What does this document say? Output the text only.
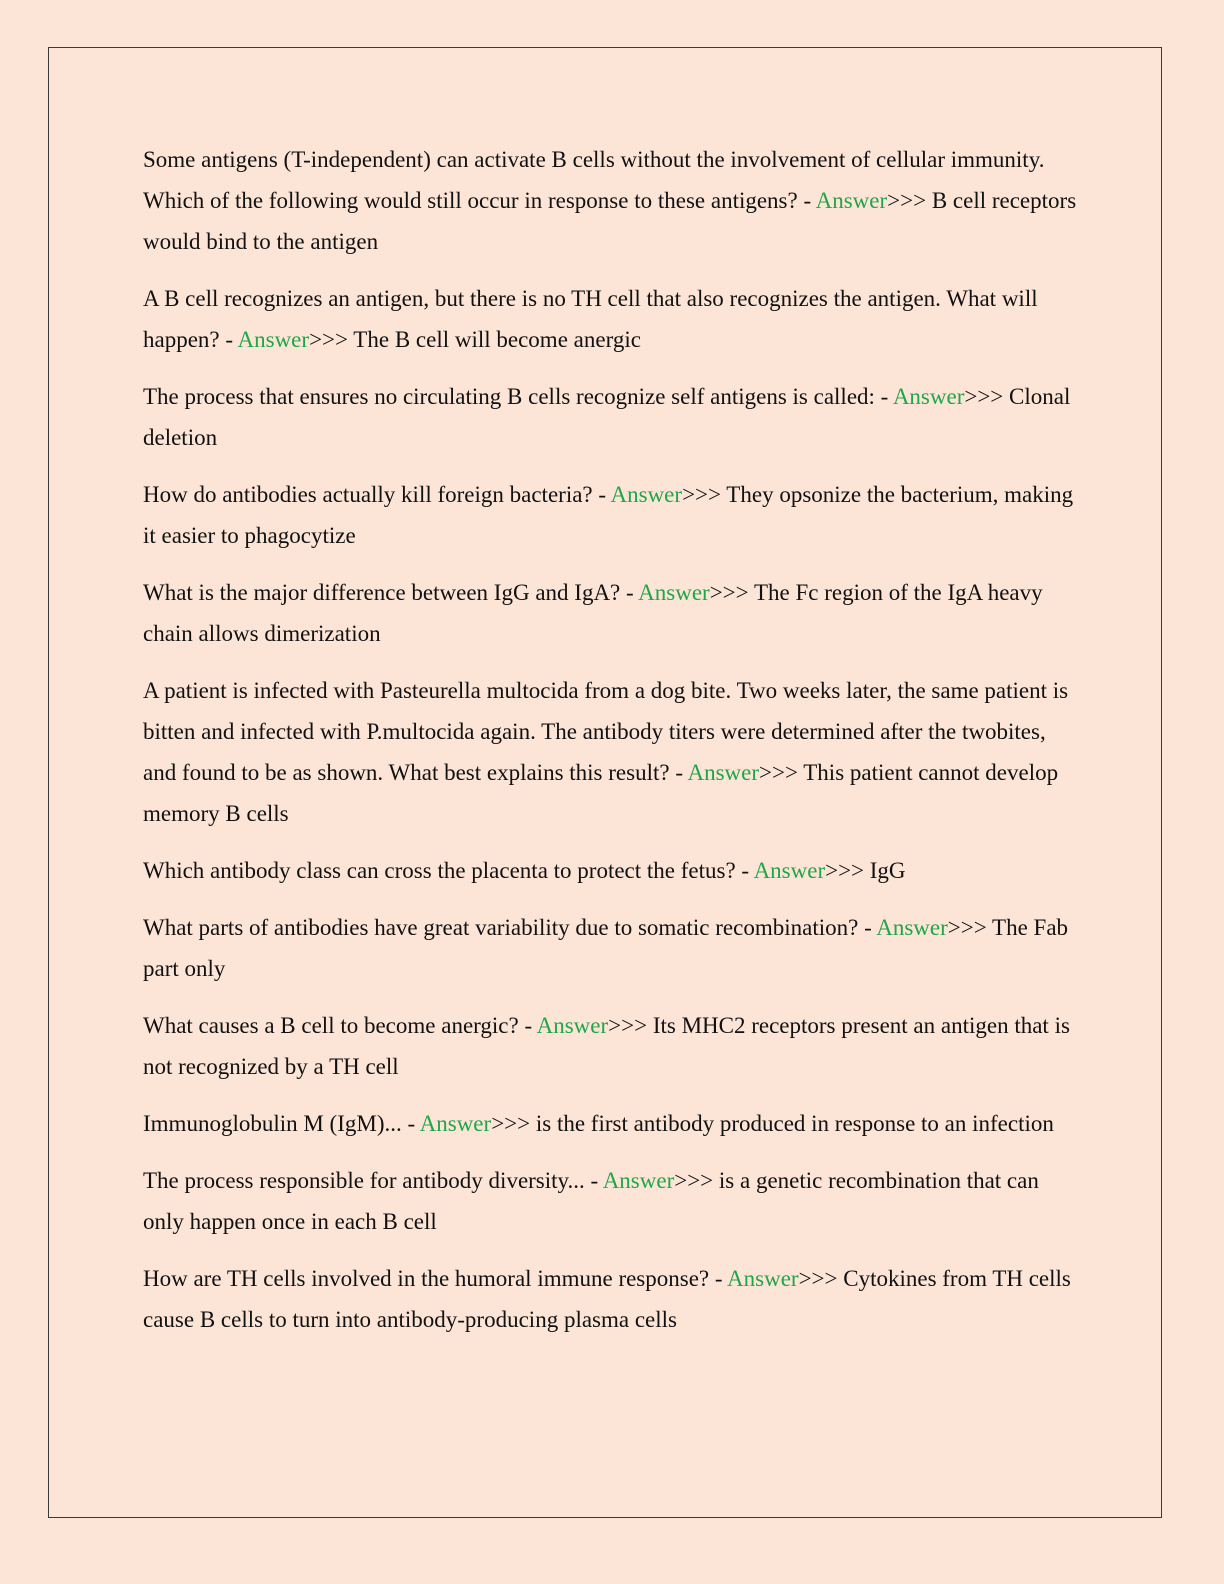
Some antigens (T-independent) can activate B cells without the involvement of cellular immunity. Which of the following would still occur in response to these antigens? - Answer>>> B cell receptors would bind to the antigen

A B cell recognizes an antigen, but there is no TH cell that also recognizes the antigen. What will happen? - Answer>>> The B cell will become anergic

The process that ensures no circulating B cells recognize self antigens is called: - Answer>>> Clonal deletion

How do antibodies actually kill foreign bacteria? - Answer>>> They opsonize the bacterium, making it easier to phagocytize

What is the major difference between IgG and IgA? - Answer>>> The Fc region of the IgA heavy chain allows dimerization

A patient is infected with Pasteurella multocida from a dog bite. Two weeks later, the same patient is bitten and infected with P.multocida again. The antibody titers were determined after the twobites, and found to be as shown. What best explains this result? - Answer>>> This patient cannot develop memory B cells

Which antibody class can cross the placenta to protect the fetus? - Answer>>> IgG

What parts of antibodies have great variability due to somatic recombination? - Answer>>> The Fab part only

What causes a B cell to become anergic? - Answer>>> Its MHC2 receptors present an antigen that is not recognized by a TH cell

Immunoglobulin M (IgM)... - Answer>>> is the first antibody produced in response to an infection

The process responsible for antibody diversity... - Answer>>> is a genetic recombination that can only happen once in each B cell

How are TH cells involved in the humoral immune response? - Answer>>> Cytokines from TH cells cause B cells to turn into antibody-producing plasma cells
